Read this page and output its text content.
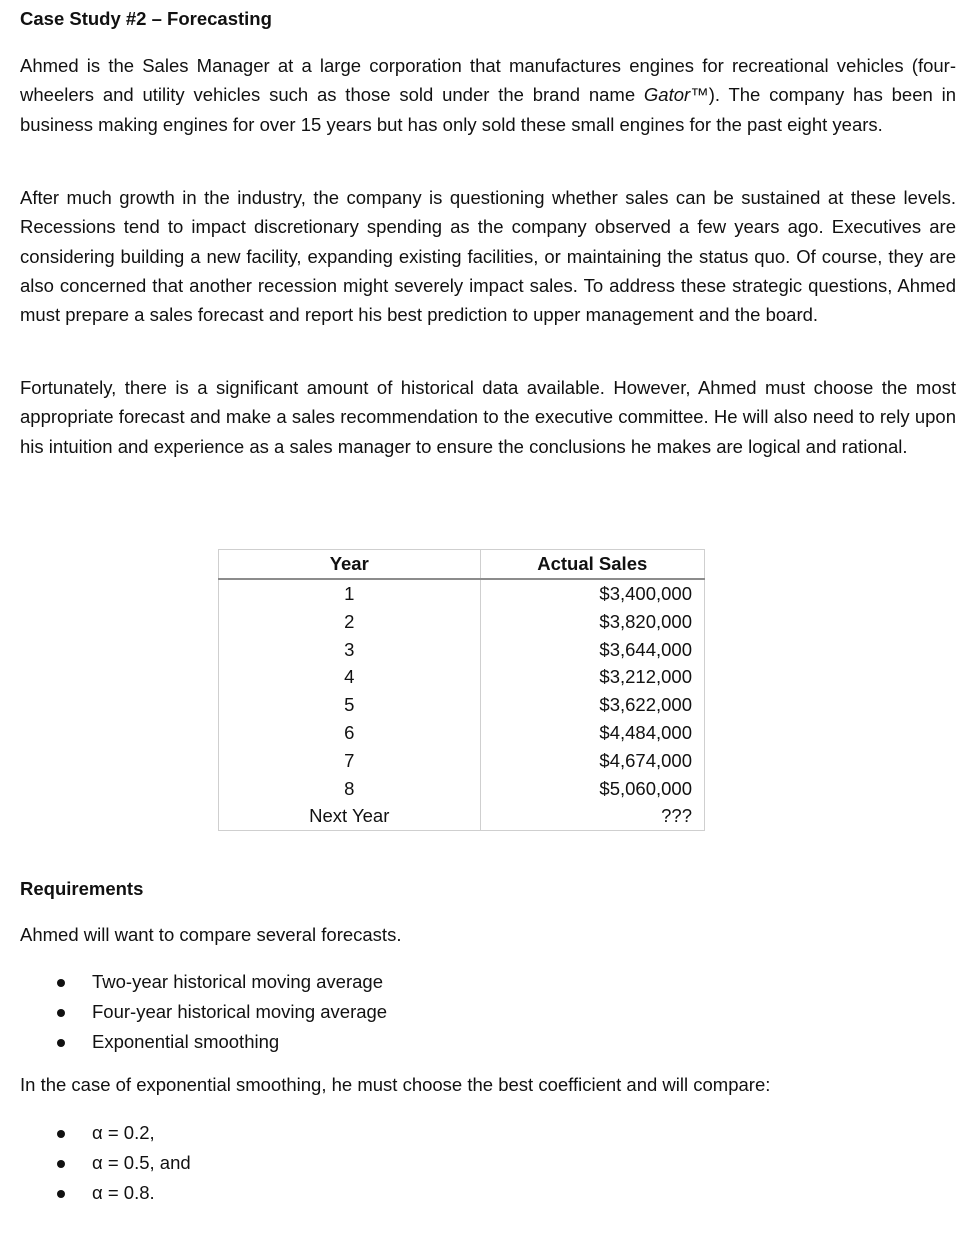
Case Study #2 – Forecasting

Ahmed is the Sales Manager at a large corporation that manufactures engines for recreational vehicles (four-wheelers and utility vehicles such as those sold under the brand name Gator™). The company has been in business making engines for over 15 years but has only sold these small engines for the past eight years.

After much growth in the industry, the company is questioning whether sales can be sustained at these levels. Recessions tend to impact discretionary spending as the company observed a few years ago. Executives are considering building a new facility, expanding existing facilities, or maintaining the status quo. Of course, they are also concerned that another recession might severely impact sales. To address these strategic questions, Ahmed must prepare a sales forecast and report his best prediction to upper management and the board.

Fortunately, there is a significant amount of historical data available. However, Ahmed must choose the most appropriate forecast and make a sales recommendation to the executive committee. He will also need to rely upon his intuition and experience as a sales manager to ensure the conclusions he makes are logical and rational.

Year	Actual Sales
1	$3,400,000
2	$3,820,000
3	$3,644,000
4	$3,212,000
5	$3,622,000
6	$4,484,000
7	$4,674,000
8	$5,060,000
Next Year	???
Requirements
Ahmed will want to compare several forecasts.
Two-year historical moving average
Four-year historical moving average
Exponential smoothing
In the case of exponential smoothing, he must choose the best coefficient and will compare:
α = 0.2,
α = 0.5, and
α = 0.8.
